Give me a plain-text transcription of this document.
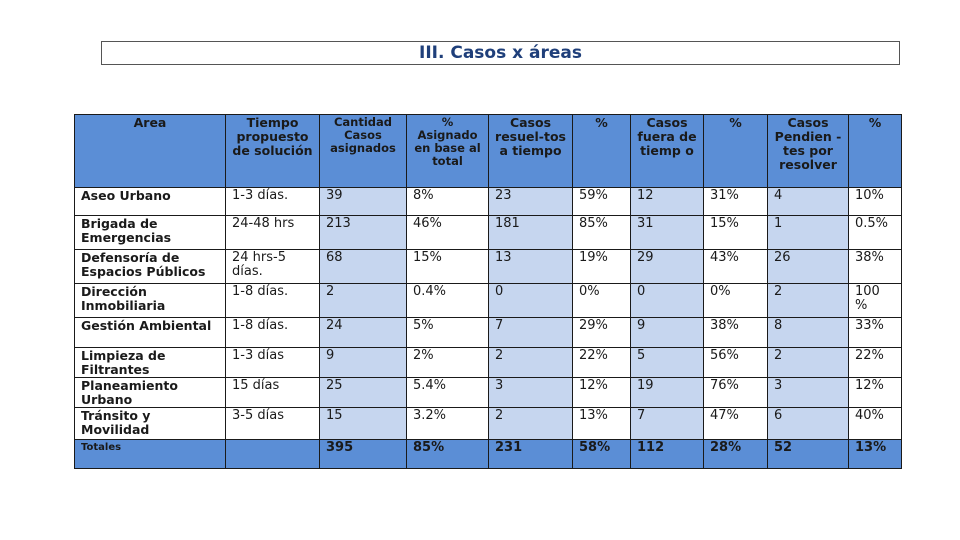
III. Casos x áreas
Area	Tiempo propuesto de solución	Cantidad Casos asignados	% Asignado en base al total	Casos resuel-tos a tiempo	%	Casos fuera de tiemp o	%	Casos Pendien -tes por resolver	%
Aseo Urbano	1-3 días.	39	8%	23	59%	12	31%	4	10%
Brigada de Emergencias	24-48 hrs	213	46%	181	85%	31	15%	1	0.5%
Defensoría de Espacios Públicos	24 hrs-5 días.	68	15%	13	19%	29	43%	26	38%
Dirección Inmobiliaria	1-8 días.	2	0.4%	0	0%	0	0%	2	100 %
Gestión Ambiental	1-8 días.	24	5%	7	29%	9	38%	8	33%
Limpieza de Filtrantes	1-3 días	9	2%	2	22%	5	56%	2	22%
Planeamiento Urbano	15 días	25	5.4%	3	12%	19	76%	3	12%
Tránsito y Movilidad	3-5 días	15	3.2%	2	13%	7	47%	6	40%
Totales		395	85%	231	58%	112	28%	52	13%
